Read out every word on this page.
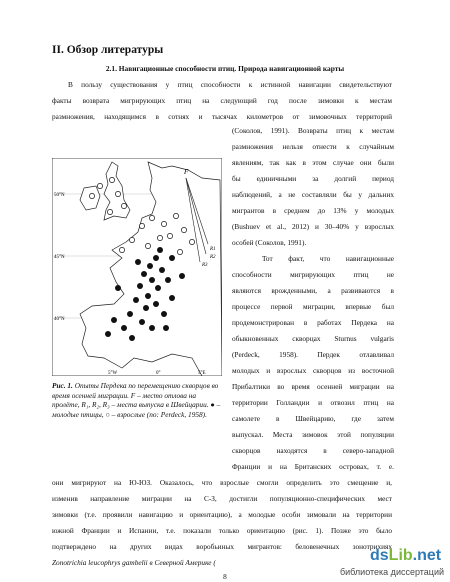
II. Обзор литературы
2.1. Навигационные способности птиц. Природа навигационной карты
В пользу существования у птиц способности к истинной навигации свидетельствуют
факты возврата мигрирующих птиц на следующий год после зимовки к местам
размножения, находящимся в сотнях и тысячах километров от зимовочных территорий
50°N
45°N
40°N
5°W	0°	5°E
F
R1
R2
R3
(Соколов, 1991). Возвраты птиц к местам
размножения нельзя отнести к случайным
явлениям, так как в этом случае они были
бы единичными за долгий период
наблюдений, а не составляли бы у дальних
мигрантов в среднем до 13% у молодых
(Bushuev et al., 2012) и 30–40% у взрослых
особей (Соколов, 1991).
Тот факт, что навигационные
способности мигрирующих птиц не
являются врожденными, а развиваются в
процессе первой миграции, впервые был
продемонстрирован в работах Пердека на
обыкновенных скворцах Sturnus vulgaris
(Perdeck, 1958). Пердек отлавливал
молодых и взрослых скворцов из восточной
Прибалтики во время осенней миграции на
территории Голландии и отвозил птиц на
самолете в Швейцарию, где затем
выпускал. Места зимовок этой популяции
скворцов находятся в северо-западной
Франции и на Британских островах, т. е.
Рис. 1. Опыты Пердека по перемещению скворцов во время осенней миграции. F – место отлова на пролёте, R₁, R₂, R₃ – места выпуска в Швейцарии. ● – молодые птицы, ○ – взрослые (по: Perdeck, 1958).
они мигрируют на Ю-ЮЗ. Оказалось, что взрослые смогли определить это смещение и,
изменив направление миграции на С-З, достигли популяционно-специфических мест
зимовки (т.е. проявили навигацию и ориентацию), а молодые особи зимовали на территории
южной Франции и Испании, т.е. показали только ориентацию (рис. 1). Позже это было
подтверждено на других видах воробьиных мигрантов: беловенечных зонотрихиях
Zonotrichia leucophrys gambelii в Северной Америке (
8
dsLib.net
библиотека диссертаций
